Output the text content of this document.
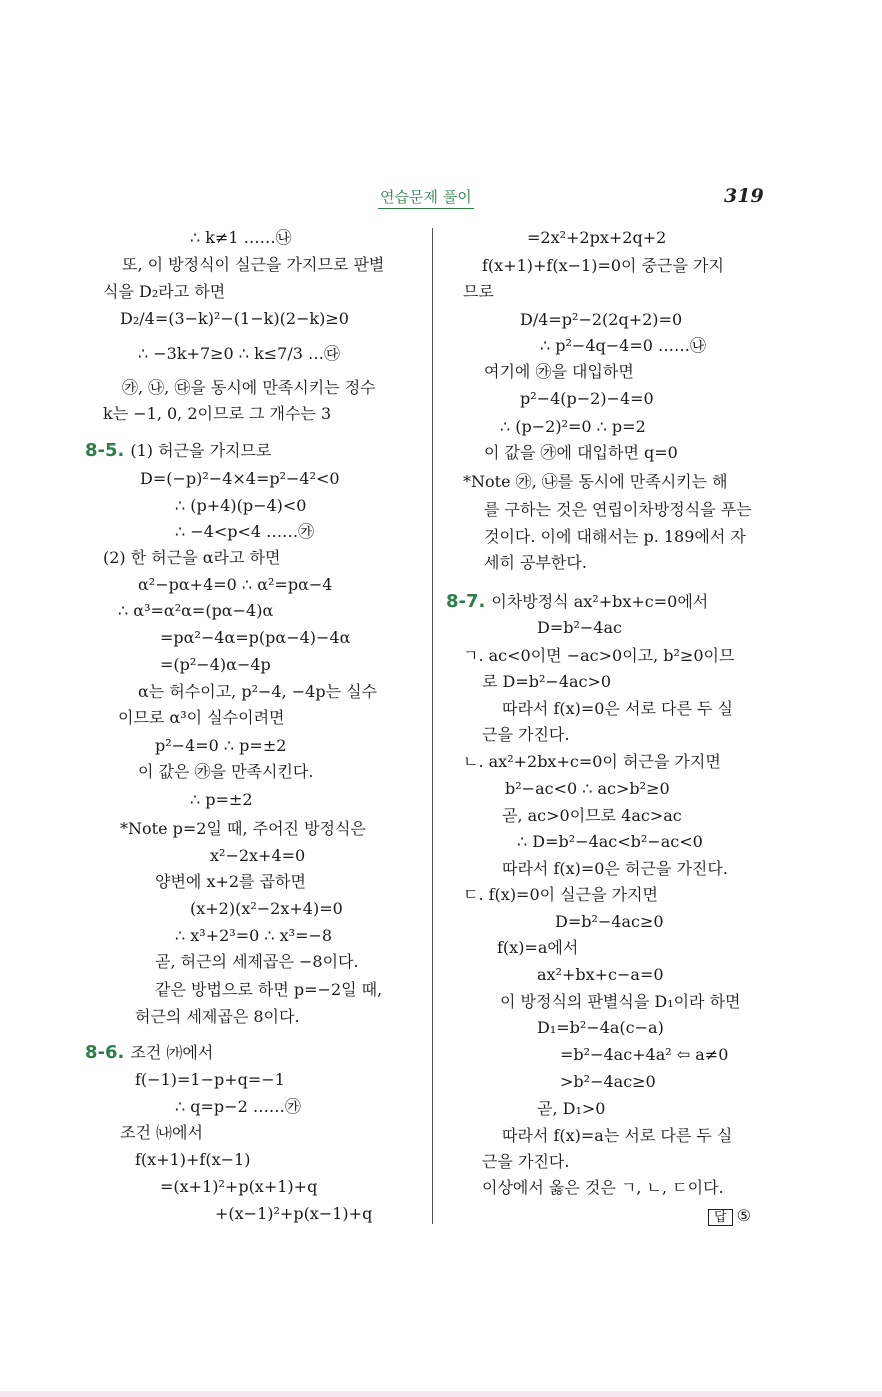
연습문제 풀이	319
∴ k≠1 ……㉯
또, 이 방정식이 실근을 가지므로 판별
식을 D₂라고 하면
D₂/4=(3−k)²−(1−k)(2−k)≥0
∴ −3k+7≥0 ∴ k≤7/3 …㉰
㉮, ㉯, ㉰을 동시에 만족시키는 정수
k는 −1, 0, 2이므로 그 개수는 3
8-5. (1) 허근을 가지므로
D=(−p)²−4×4=p²−4²<0
∴ (p+4)(p−4)<0
∴ −4<p<4 ……㉮
(2) 한 허근을 α라고 하면
α²−pα+4=0 ∴ α²=pα−4
∴ α³=α²α=(pα−4)α
=pα²−4α=p(pα−4)−4α
=(p²−4)α−4p
α는 허수이고, p²−4, −4p는 실수
이므로 α³이 실수이려면
p²−4=0 ∴ p=±2
이 값은 ㉮을 만족시킨다.
∴ p=±2
*Note p=2일 때, 주어진 방정식은
x²−2x+4=0
양변에 x+2를 곱하면
(x+2)(x²−2x+4)=0
∴ x³+2³=0 ∴ x³=−8
곧, 허근의 세제곱은 −8이다.
같은 방법으로 하면 p=−2일 때,
허근의 세제곱은 8이다.
8-6. 조건 ㈎에서
f(−1)=1−p+q=−1
∴ q=p−2 ……㉮
조건 ㈏에서
f(x+1)+f(x−1)
=(x+1)²+p(x+1)+q
+(x−1)²+p(x−1)+q
=2x²+2px+2q+2
f(x+1)+f(x−1)=0이 중근을 가지
므로
D/4=p²−2(2q+2)=0
∴ p²−4q−4=0 ……㉯
여기에 ㉮을 대입하면
p²−4(p−2)−4=0
∴ (p−2)²=0 ∴ p=2
이 값을 ㉮에 대입하면 q=0
*Note ㉮, ㉯를 동시에 만족시키는 해
를 구하는 것은 연립이차방정식을 푸는
것이다. 이에 대해서는 p. 189에서 자
세히 공부한다.
8-7. 이차방정식 ax²+bx+c=0에서
D=b²−4ac
ㄱ. ac<0이면 −ac>0이고, b²≥0이므
로 D=b²−4ac>0
따라서 f(x)=0은 서로 다른 두 실
근을 가진다.
ㄴ. ax²+2bx+c=0이 허근을 가지면
b²−ac<0 ∴ ac>b²≥0
곧, ac>0이므로 4ac>ac
∴ D=b²−4ac<b²−ac<0
따라서 f(x)=0은 허근을 가진다.
ㄷ. f(x)=0이 실근을 가지면
D=b²−4ac≥0
f(x)=a에서
ax²+bx+c−a=0
이 방정식의 판별식을 D₁이라 하면
D₁=b²−4a(c−a)
=b²−4ac+4a² ⇦ a≠0
>b²−4ac≥0
곧, D₁>0
따라서 f(x)=a는 서로 다른 두 실
근을 가진다.
이상에서 옳은 것은 ㄱ, ㄴ, ㄷ이다.
답 ⑤
